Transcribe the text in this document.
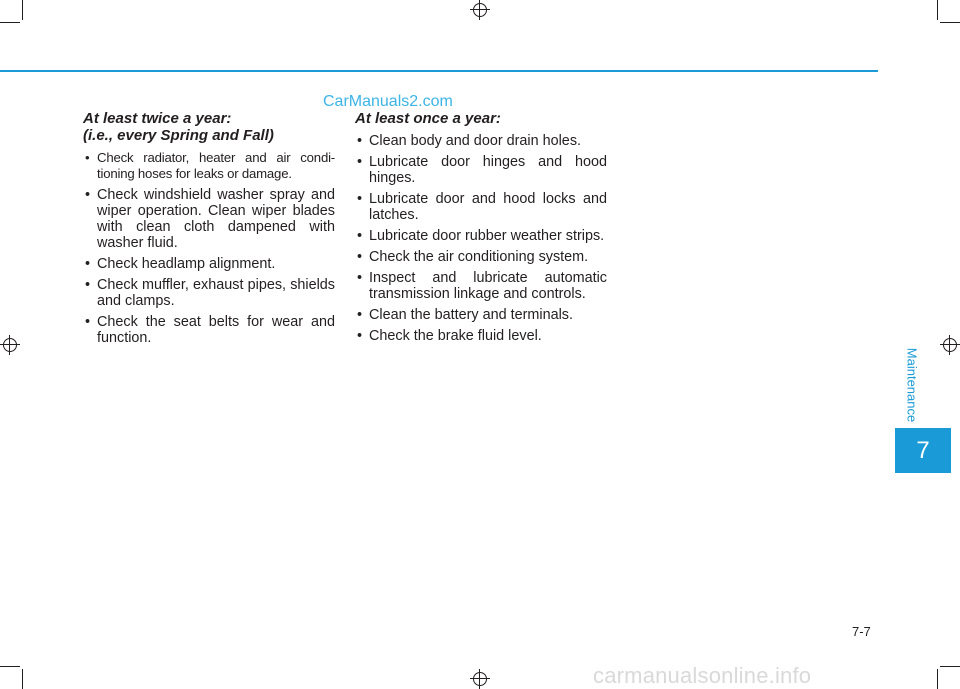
CarManuals2.com
At least twice a year:
(i.e., every Spring and Fall)
• Check radiator, heater and air condi- tioning hoses for leaks or damage.
• Check windshield washer spray and wiper operation. Clean wiper blades with clean cloth dampened with washer fluid.
• Check headlamp alignment.
• Check muffler, exhaust pipes, shields and clamps.
• Check the seat belts for wear and function.
At least once a year:
• Clean body and door drain holes.
• Lubricate door hinges and hood hinges.
• Lubricate door and hood locks and latches.
• Lubricate door rubber weather strips.
• Check the air conditioning system.
• Inspect and lubricate automatic transmission linkage and controls.
• Clean the battery and terminals.
• Check the brake fluid level.
Maintenance
7
7-7
carmanualsonline.info
